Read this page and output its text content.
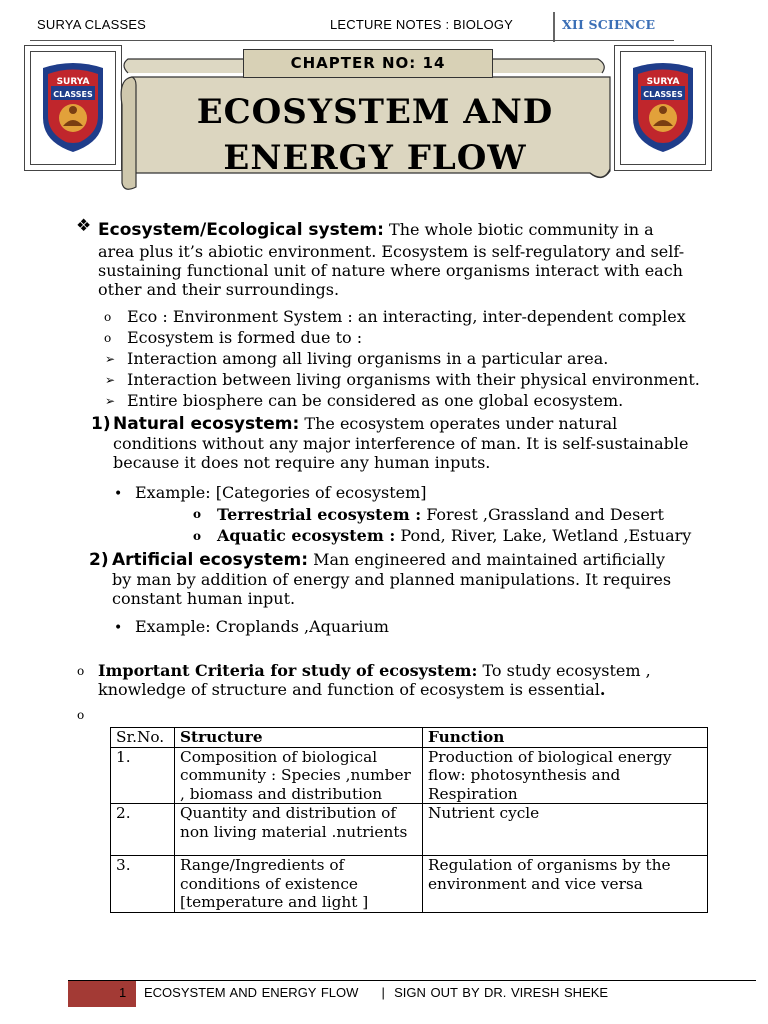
SURYA CLASSES	LECTURE NOTES : BIOLOGY	XII SCIENCE
SURYA
CLASSES
SURYA
CLASSES
CHAPTER NO: 14
ECOSYSTEM AND
ENERGY FLOW
❖ Ecosystem/Ecological system: The whole biotic community in a
area plus it’s abiotic environment. Ecosystem is self-regulatory and self-
sustaining functional unit of nature where organisms interact with each
other and their surroundings.
o Eco : Environment System : an interacting, inter-dependent complex
o Ecosystem is formed due to :
➢ Interaction among all living organisms in a particular area.
➢ Interaction between living organisms with their physical environment.
➢ Entire biosphere can be considered as one global ecosystem.
1) Natural ecosystem: The ecosystem operates under natural
conditions without any major interference of man. It is self-sustainable
because it does not require any human inputs.
• Example: [Categories of ecosystem]
o Terrestrial ecosystem : Forest ,Grassland and Desert
o Aquatic ecosystem : Pond, River, Lake, Wetland ,Estuary
2) Artificial ecosystem: Man engineered and maintained artificially
by man by addition of energy and planned manipulations. It requires
constant human input.
• Example: Croplands ,Aquarium
o Important Criteria for study of ecosystem: To study ecosystem ,
knowledge of structure and function of ecosystem is essential.
o
Sr.No.	Structure	Function
1.	Composition of biological community : Species ,number , biomass and distribution	Production of biological energy flow: photosynthesis and Respiration
2.	Quantity and distribution of non living material .nutrients	Nutrient cycle
3.	Range/Ingredients of conditions of existence [temperature and light ]	Regulation of organisms by the environment and vice versa
1 ECOSYSTEM AND ENERGY FLOW     |  SIGN OUT BY DR. VIRESH SHEKE
